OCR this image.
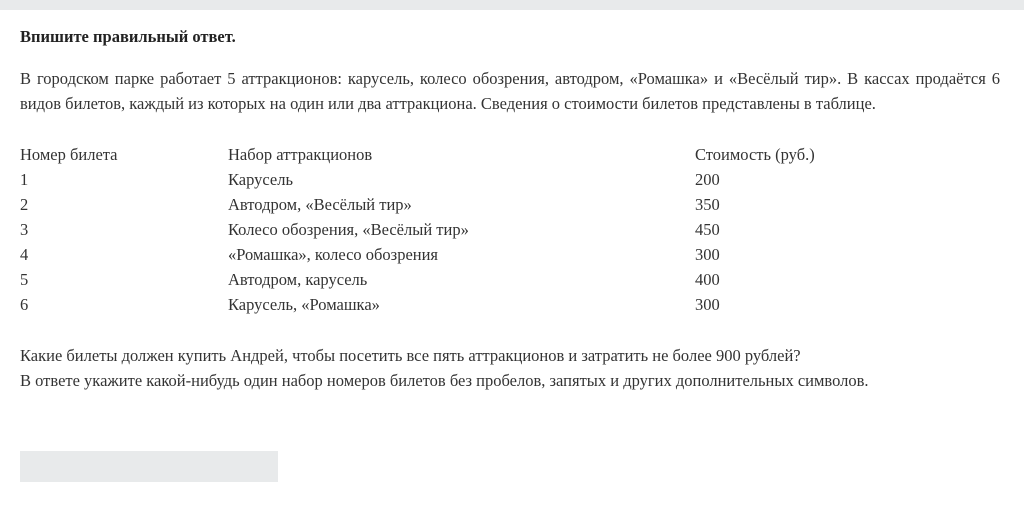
Впишите правильный ответ.

В городском парке работает 5 аттракционов: карусель, колесо обозрения, автодром, «Ромашка» и «Весёлый тир». В кассах продаётся 6 видов билетов, каждый из которых на один или два аттракциона. Сведения о стоимости билетов представлены в таблице.

Номер билета	Набор аттракционов	Стоимость (руб.)
1	Карусель	200
2	Автодром, «Весёлый тир»	350
3	Колесо обозрения, «Весёлый тир»	450
4	«Ромашка», колесо обозрения	300
5	Автодром, карусель	400
6	Карусель, «Ромашка»	300

Какие билеты должен купить Андрей, чтобы посетить все пять аттракционов и затратить не более 900 рублей?
В ответе укажите какой-нибудь один набор номеров билетов без пробелов, запятых и других дополнительных символов.
